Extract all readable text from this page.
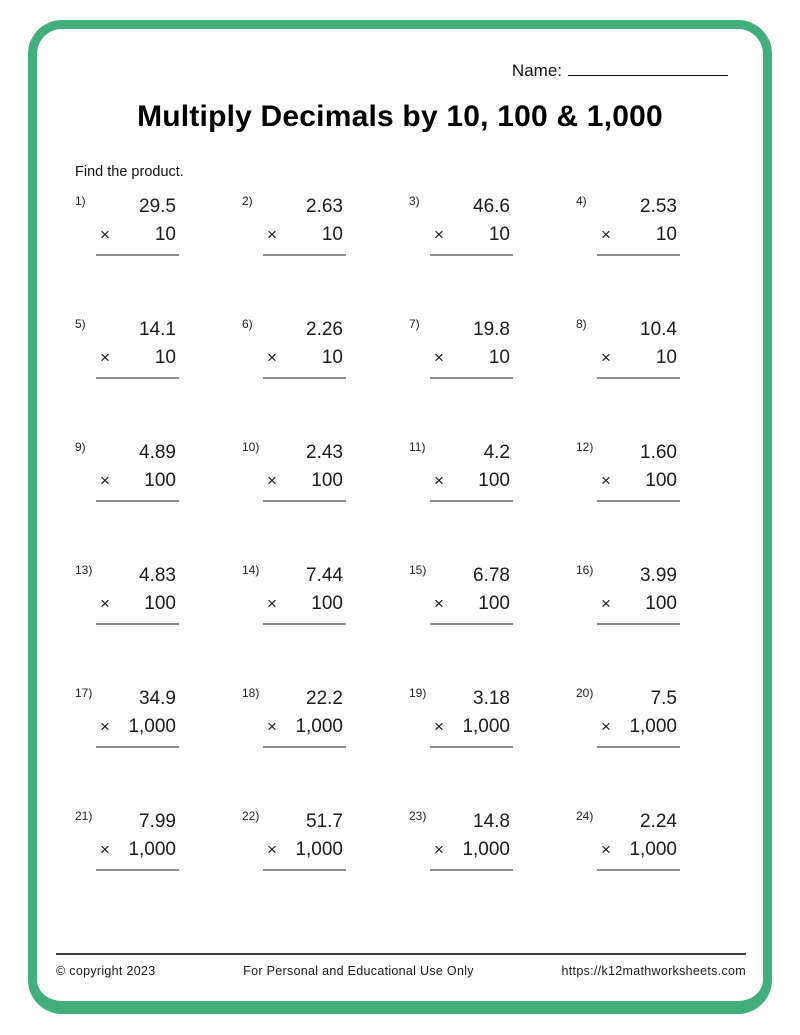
Name:
Multiply Decimals by 10, 100 & 1,000
Find the product.
1)	29.5
×	10
2)	2.63
×	10
3)	46.6
×	10
4)	2.53
×	10
5)	14.1
×	10
6)	2.26
×	10
7)	19.8
×	10
8)	10.4
×	10
9)	4.89
×	100
10)	2.43
×	100
11)	4.2
×	100
12)	1.60
×	100
13)	4.83
×	100
14)	7.44
×	100
15)	6.78
×	100
16)	3.99
×	100
17)	34.9
× 1,000
18)	22.2
× 1,000
19)	3.18
× 1,000
20)	7.5
× 1,000
21)	7.99
× 1,000
22)	51.7
× 1,000
23)	14.8
× 1,000
24)	2.24
× 1,000
© copyright 2023	For Personal and Educational Use Only	https://k12mathworksheets.com
